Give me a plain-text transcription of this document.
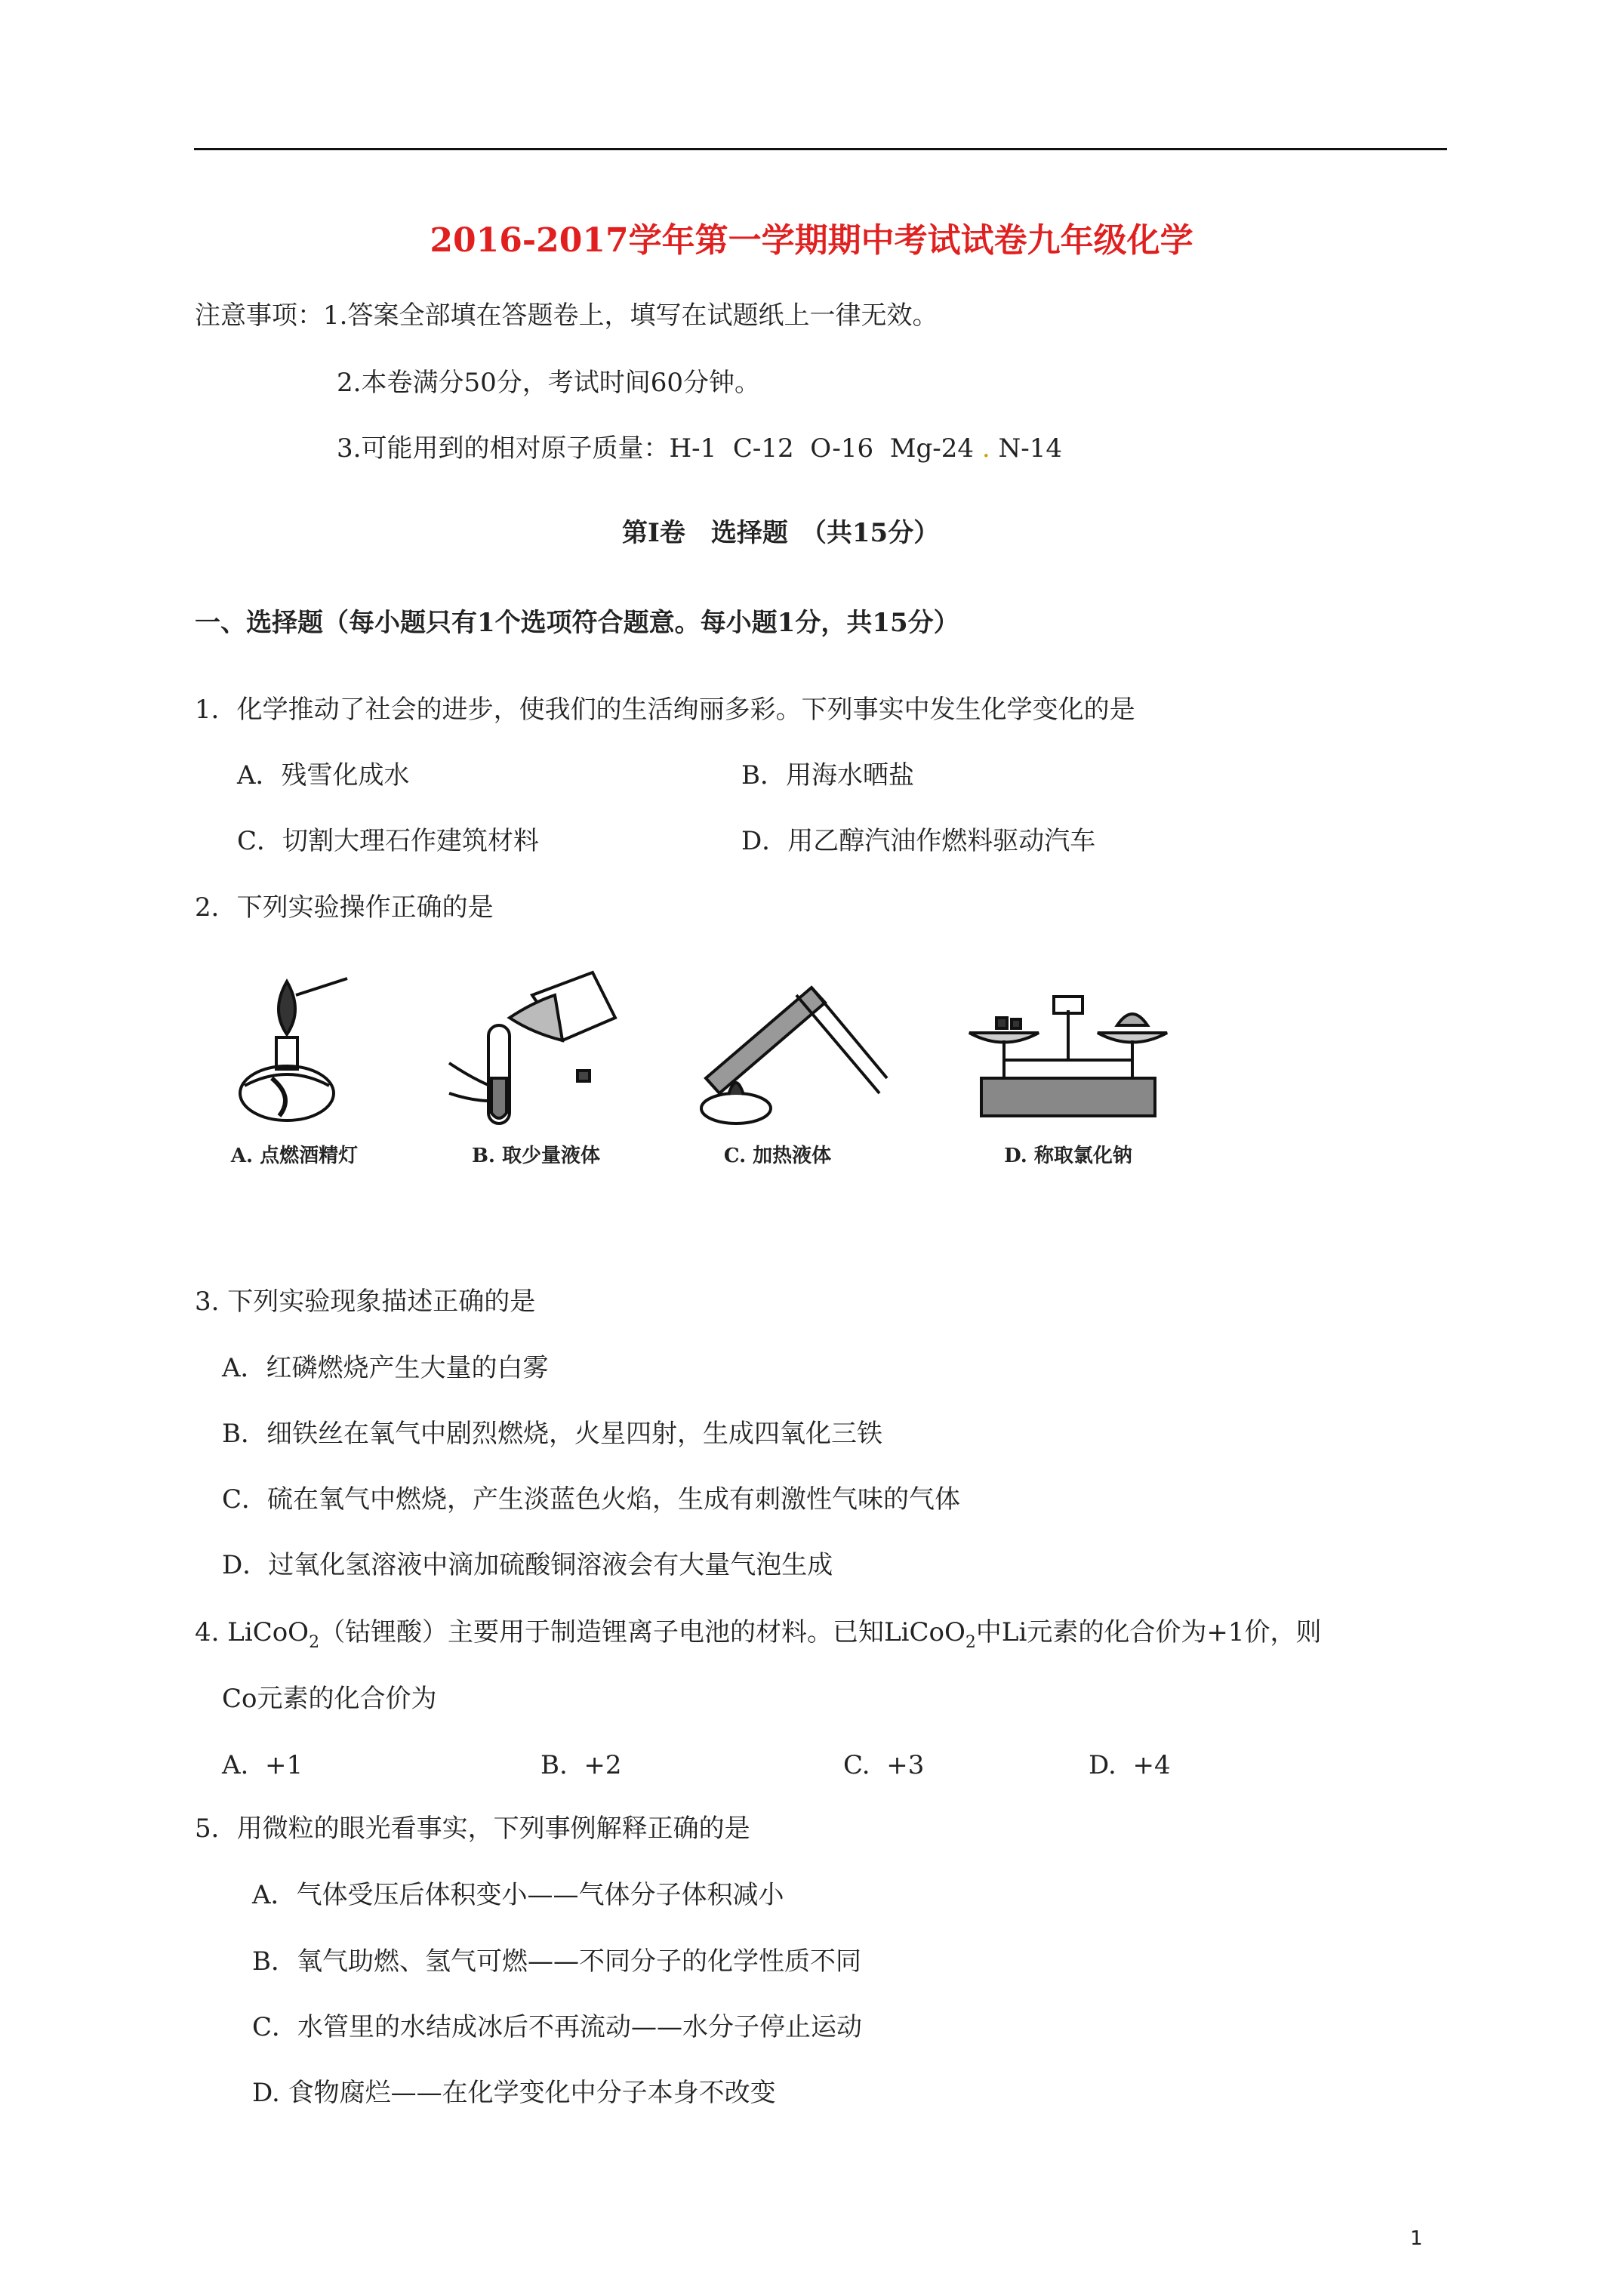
2016-2017学年第一学期期中考试试卷九年级化学
注意事项：1.答案全部填在答题卷上，填写在试题纸上一律无效。
2.本卷满分50分，考试时间60分钟。
3.可能用到的相对原子质量：H-1  C-12  O-16  Mg-24 . N-14
第Ⅰ卷　选择题　（共15分）
一、选择题（每小题只有1个选项符合题意。每小题1分，共15分）
1．化学推动了社会的进步，使我们的生活绚丽多彩。下列事实中发生化学变化的是
A．残雪化成水	B．用海水晒盐
C．切割大理石作建筑材料	D．用乙醇汽油作燃料驱动汽车
2．下列实验操作正确的是
A. 点燃酒精灯	B. 取少量液体	C. 加热液体	D. 称取氯化钠
3. 下列实验现象描述正确的是
A．红磷燃烧产生大量的白雾
B．细铁丝在氧气中剧烈燃烧，火星四射，生成四氧化三铁
C．硫在氧气中燃烧，产生淡蓝色火焰，生成有刺激性气味的气体
D．过氧化氢溶液中滴加硫酸铜溶液会有大量气泡生成
4. LiCoO$_2$（钴锂酸）主要用于制造锂离子电池的材料。已知LiCoO$_2$中Li元素的化合价为+1价，则
Co元素的化合价为
A.  +1	B.  +2	C.  +3	D.  +4
5．用微粒的眼光看事实，下列事例解释正确的是
A．气体受压后体积变小——气体分子体积减小
B．氧气助燃、氢气可燃——不同分子的化学性质不同
C．水管里的水结成冰后不再流动——水分子停止运动
D. 食物腐烂——在化学变化中分子本身不改变
1
